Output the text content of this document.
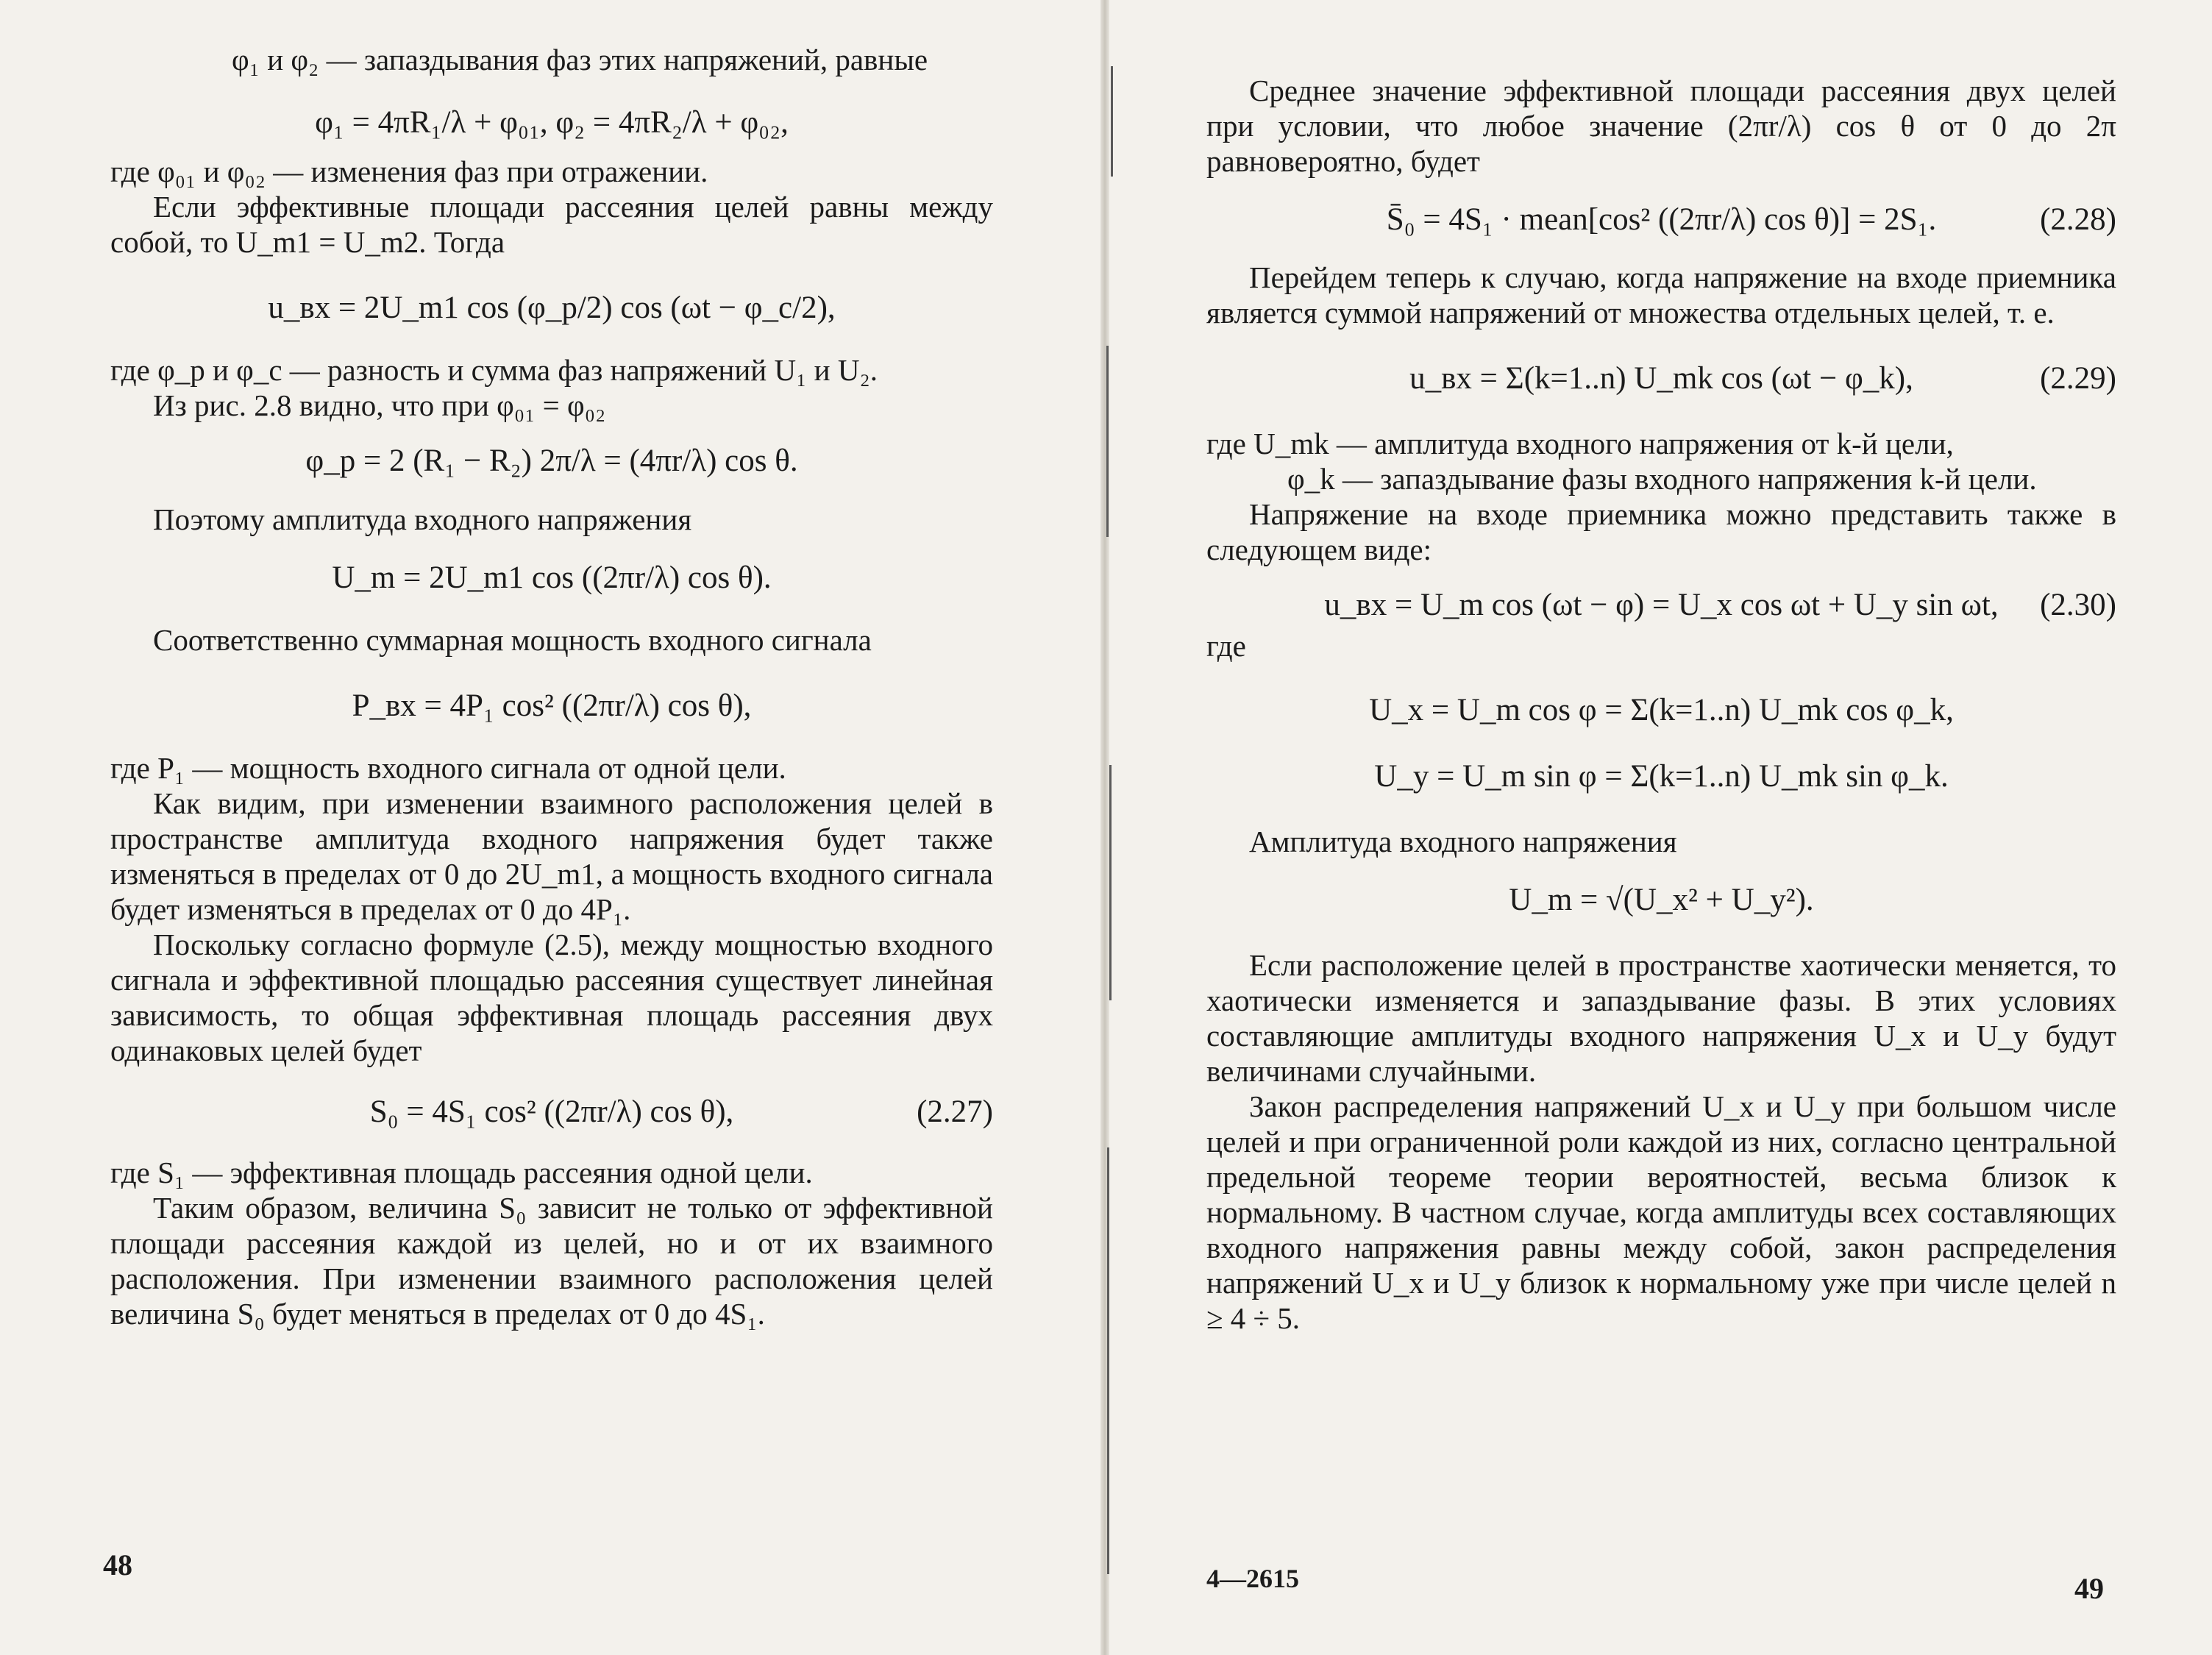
φ₁ и φ₂ — запаздывания фаз этих напряжений, равные

φ₁ = 4πR₁/λ + φ₀₁, φ₂ = 4πR₂/λ + φ₀₂,

где φ₀₁ и φ₀₂ — изменения фаз при отражении.

Если эффективные площади рассеяния целей равны между собой, то U_m1 = U_m2. Тогда

u_вх = 2U_m1 cos (φ_р/2) cos (ωt − φ_с/2),

где φ_р и φ_с — разность и сумма фаз напряжений U₁ и U₂.

Из рис. 2.8 видно, что при φ₀₁ = φ₀₂

φ_р = 2 (R₁ − R₂) 2π/λ = (4πr/λ) cos θ.

Поэтому амплитуда входного напряжения

U_m = 2U_m1 cos ((2πr/λ) cos θ).

Соответственно суммарная мощность входного сигнала

P_вх = 4P₁ cos² ((2πr/λ) cos θ),

где P₁ — мощность входного сигнала от одной цели.

Как видим, при изменении взаимного расположения целей в пространстве амплитуда входного напряжения будет также изменяться в пределах от 0 до 2U_m1, а мощность входного сигнала будет изменяться в пределах от 0 до 4P₁.

Поскольку согласно формуле (2.5), между мощностью входного сигнала и эффективной площадью рассеяния существует линейная зависимость, то общая эффективная площадь рассеяния двух одинаковых целей будет

S₀ = 4S₁ cos² ((2πr/λ) cos θ),	(2.27)

где S₁ — эффективная площадь рассеяния одной цели.

Таким образом, величина S₀ зависит не только от эффективной площади рассеяния каждой из целей, но и от их взаимного расположения. При изменении взаимного расположения целей величина S₀ будет меняться в пределах от 0 до 4S₁.

48

Среднее значение эффективной площади рассеяния двух целей при условии, что любое значение (2πr/λ) cos θ от 0 до 2π равновероятно, будет

S̄₀ = 4S₁ · mean[cos² ((2πr/λ) cos θ)] = 2S₁.	(2.28)

Перейдем теперь к случаю, когда напряжение на входе приемника является суммой напряжений от множества отдельных целей, т. е.

u_вх = Σ(k=1..n) U_mk cos (ωt − φ_k),	(2.29)

где U_mk — амплитуда входного напряжения от k-й цели,

φ_k — запаздывание фазы входного напряжения k-й цели.

Напряжение на входе приемника можно представить также в следующем виде:

u_вх = U_m cos (ωt − φ) = U_x cos ωt + U_y sin ωt, (2.30)

где

U_x = U_m cos φ = Σ(k=1..n) U_mk cos φ_k,
U_y = U_m sin φ = Σ(k=1..n) U_mk sin φ_k.

Амплитуда входного напряжения

U_m = √(U_x² + U_y²).

Если расположение целей в пространстве хаотически меняется, то хаотически изменяется и запаздывание фазы. В этих условиях составляющие амплитуды входного напряжения U_x и U_y будут величинами случайными.

Закон распределения напряжений U_x и U_y при большом числе целей и при ограниченной роли каждой из них, согласно центральной предельной теореме теории вероятностей, весьма близок к нормальному. В частном случае, когда амплитуды всех составляющих входного напряжения равны между собой, закон распределения напряжений U_x и U_y близок к нормальному уже при числе целей n ≥ 4 ÷ 5.

4—2615	49
